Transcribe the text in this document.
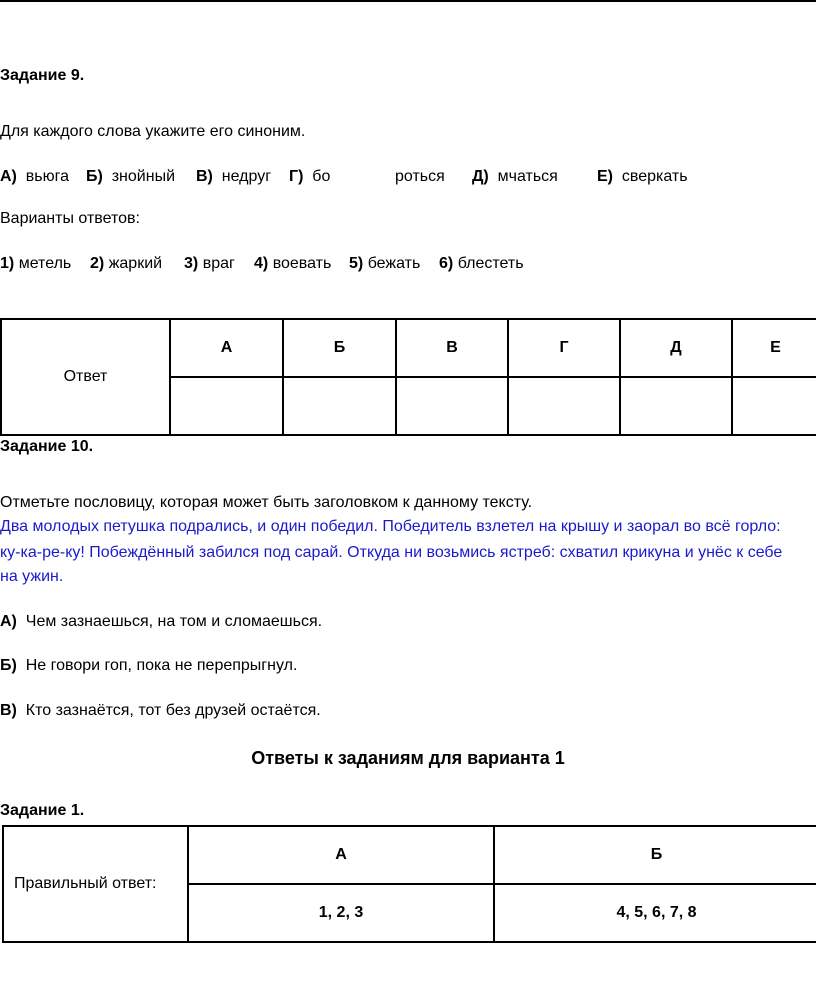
Задание 9.
Для каждого слова укажите его синоним.
А) вьюга Б) знойный В) недруг Г) бо	роться Д) мчаться Е) сверкать
Варианты ответов:
1) метель 2) жаркий 3) враг 4) воевать 5) бежать 6) блестеть
Ответ	А	Б	В	Г	Д	Е

Задание 10.
Отметьте пословицу, которая может быть заголовком к данному тексту.
Два молодых петушка подрались, и один победил. Победитель взлетел на крышу и заорал во всё горло:
ку-ка-ре-ку! Побеждённый забился под сарай. Откуда ни возьмись ястреб: схватил крикуна и унёс к себе
на ужин.
А) Чем зазнаешься, на том и сломаешься.
Б) Не говори гоп, пока не перепрыгнул.
В) Кто зазнаётся, тот без друзей остаётся.
Ответы к заданиям для варианта 1
Задание 1.
Правильный ответ:	А	Б
	1, 2, 3	4, 5, 6, 7, 8
